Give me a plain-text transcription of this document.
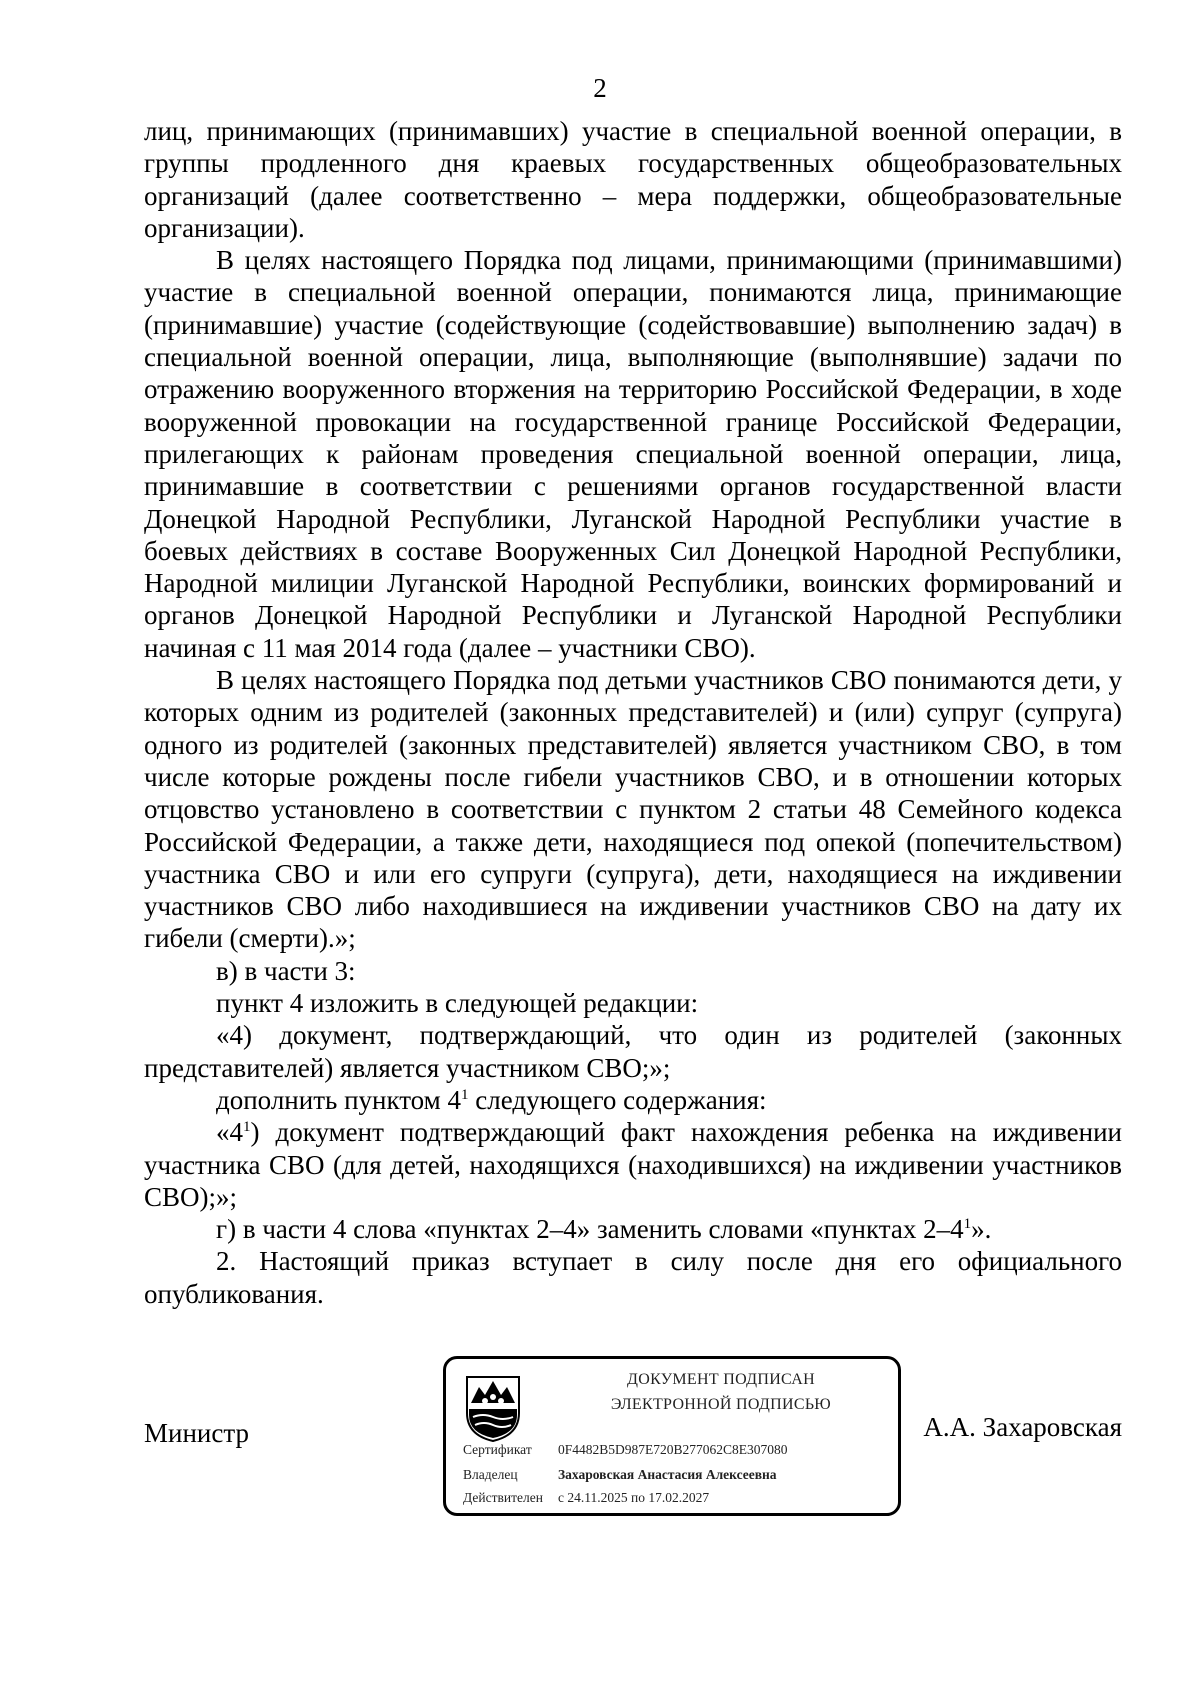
2

лиц, принимающих (принимавших) участие в специальной военной операции, в группы продленного дня краевых государственных общеобразовательных организаций (далее соответственно – мера поддержки, общеобразовательные организации).

В целях настоящего Порядка под лицами, принимающими (принимавшими) участие в специальной военной операции, понимаются лица, принимающие (принимавшие) участие (содействующие (содействовавшие) выполнению задач) в специальной военной операции, лица, выполняющие (выполнявшие) задачи по отражению вооруженного вторжения на территорию Российской Федерации, в ходе вооруженной провокации на государственной границе Российской Федерации, прилегающих к районам проведения специальной военной операции, лица, принимавшие в соответствии с решениями органов государственной власти Донецкой Народной Республики, Луганской Народной Республики участие в боевых действиях в составе Вооруженных Сил Донецкой Народной Республики, Народной милиции Луганской Народной Республики, воинских формирований и органов Донецкой Народной Республики и Луганской Народной Республики начиная с 11 мая 2014 года (далее – участники СВО).

В целях настоящего Порядка под детьми участников СВО понимаются дети, у которых одним из родителей (законных представителей) и (или) супруг (супруга) одного из родителей (законных представителей) является участником СВО, в том числе которые рождены после гибели участников СВО, и в отношении которых отцовство установлено в соответствии с пунктом 2 статьи 48 Семейного кодекса Российской Федерации, а также дети, находящиеся под опекой (попечительством) участника СВО и или его супруги (супруга), дети, находящиеся на иждивении участников СВО либо находившиеся на иждивении участников СВО на дату их гибели (смерти).»;

в) в части 3:

пункт 4 изложить в следующей редакции:

«4) документ, подтверждающий, что один из родителей (законных представителей) является участником СВО;»;

дополнить пунктом $4^1$ следующего содержания:

«$4^1$) документ подтверждающий факт нахождения ребенка на иждивении участника СВО (для детей, находящихся (находившихся) на иждивении участников СВО);»;

г) в части 4 слова «пунктах 2–4» заменить словами «пунктах $2-4^1$».

2. Настоящий приказ вступает в силу после дня его официального опубликования.

Министр
ДОКУМЕНТ ПОДПИСАН
ЭЛЕКТРОННОЙ ПОДПИСЬЮ
Сертификат 0F4482B5D987E720B277062C8E307080
Владелец	Захаровская Анастасия Алексеевна
Действителен с 24.11.2025 по 17.02.2027
А.А. Захаровская
